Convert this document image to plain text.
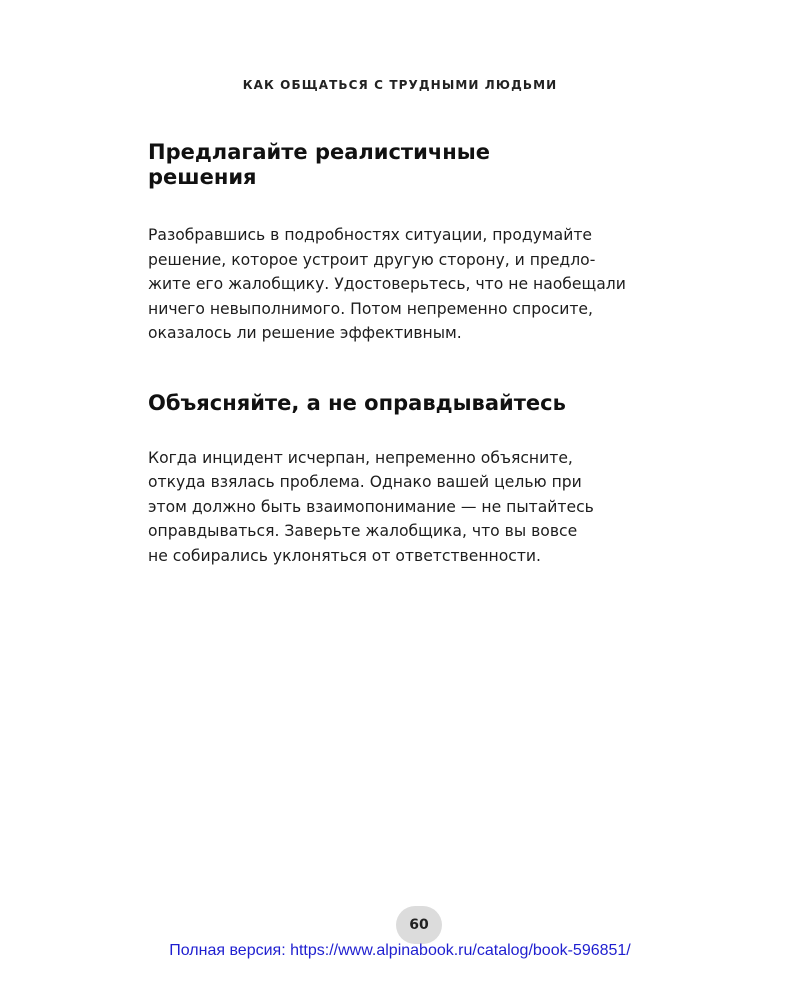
КАК ОБЩАТЬСЯ С ТРУДНЫМИ ЛЮДЬМИ
Предлагайте реалистичные
решения
Разобравшись в подробностях ситуации, продумайте
решение, которое устроит другую сторону, и предло-
жите его жалобщику. Удостоверьтесь, что не наобещали
ничего невыполнимого. Потом непременно спросите,
оказалось ли решение эффективным.
Объясняйте, а не оправдывайтесь
Когда инцидент исчерпан, непременно объясните,
откуда взялась проблема. Однако вашей целью при
этом должно быть взаимопонимание — не пытайтесь
оправдываться. Заверьте жалобщика, что вы вовсе
не собирались уклоняться от ответственности.
60
Полная версия: https://www.alpinabook.ru/catalog/book-596851/
